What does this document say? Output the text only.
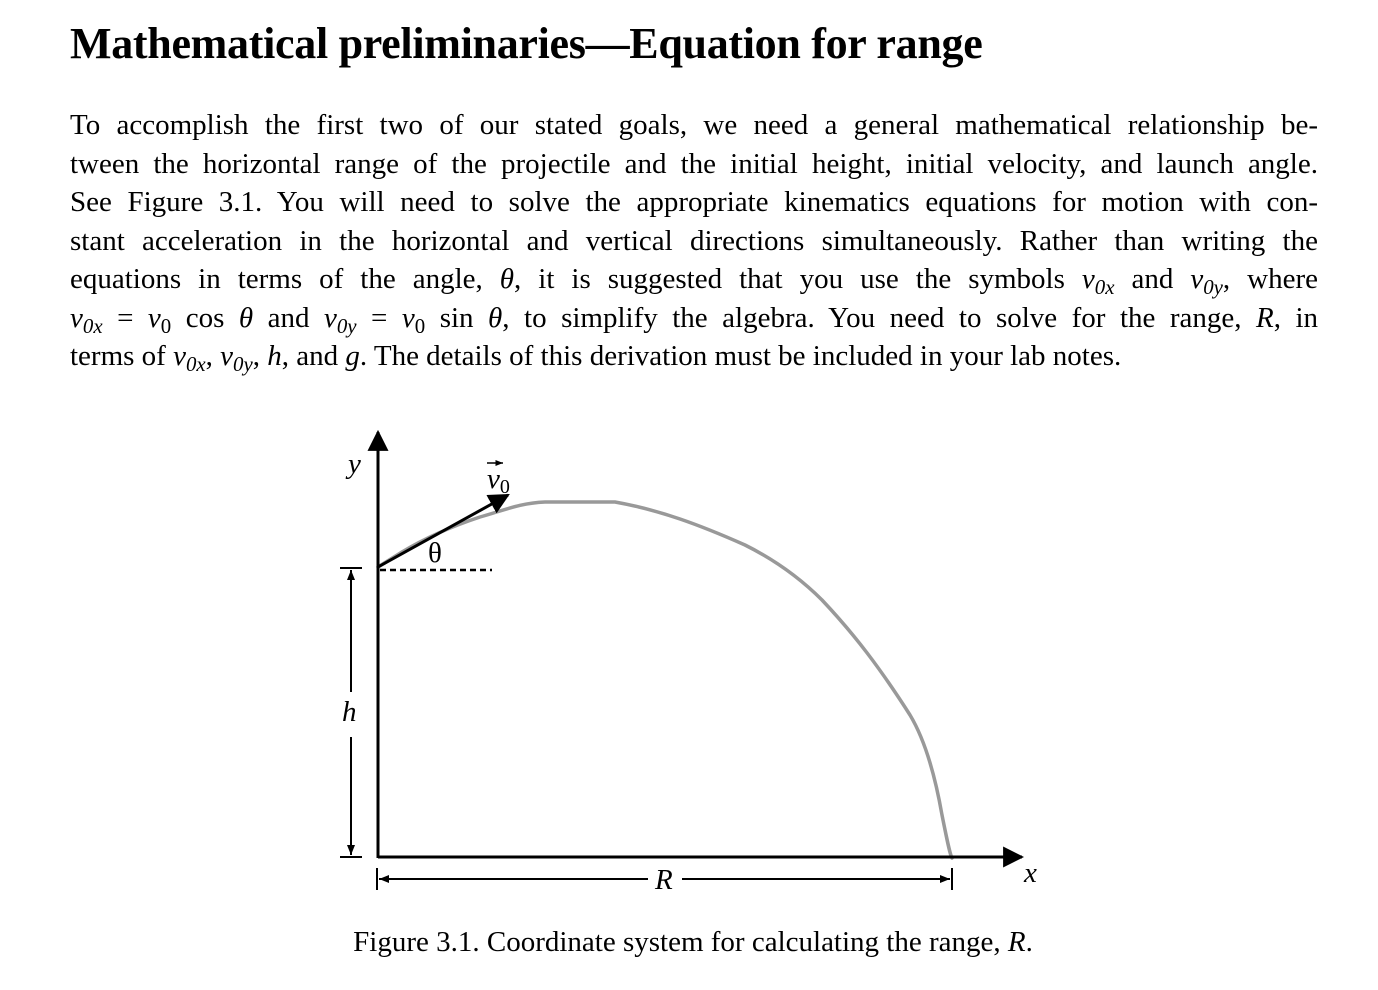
Mathematical preliminaries—Equation for range
To accomplish the first two of our stated goals, we need a general mathematical relationship be-
tween the horizontal range of the projectile and the initial height, initial velocity, and launch angle.
See Figure 3.1. You will need to solve the appropriate kinematics equations for motion with con-
stant acceleration in the horizontal and vertical directions simultaneously. Rather than writing the
equations in terms of the angle, θ, it is suggested that you use the symbols $v_{0x}$ and $v_{0y}$, where
$v_{0x} = v_0$ cos θ and $v_{0y} = v_0$ sin θ, to simplify the algebra. You need to solve for the range, R, in
terms of $v_{0x}$, $v_{0y}$, h, and g. The details of this derivation must be included in your lab notes.
y
x
v0
θ
h
R

Figure 3.1. Coordinate system for calculating the range, R.
